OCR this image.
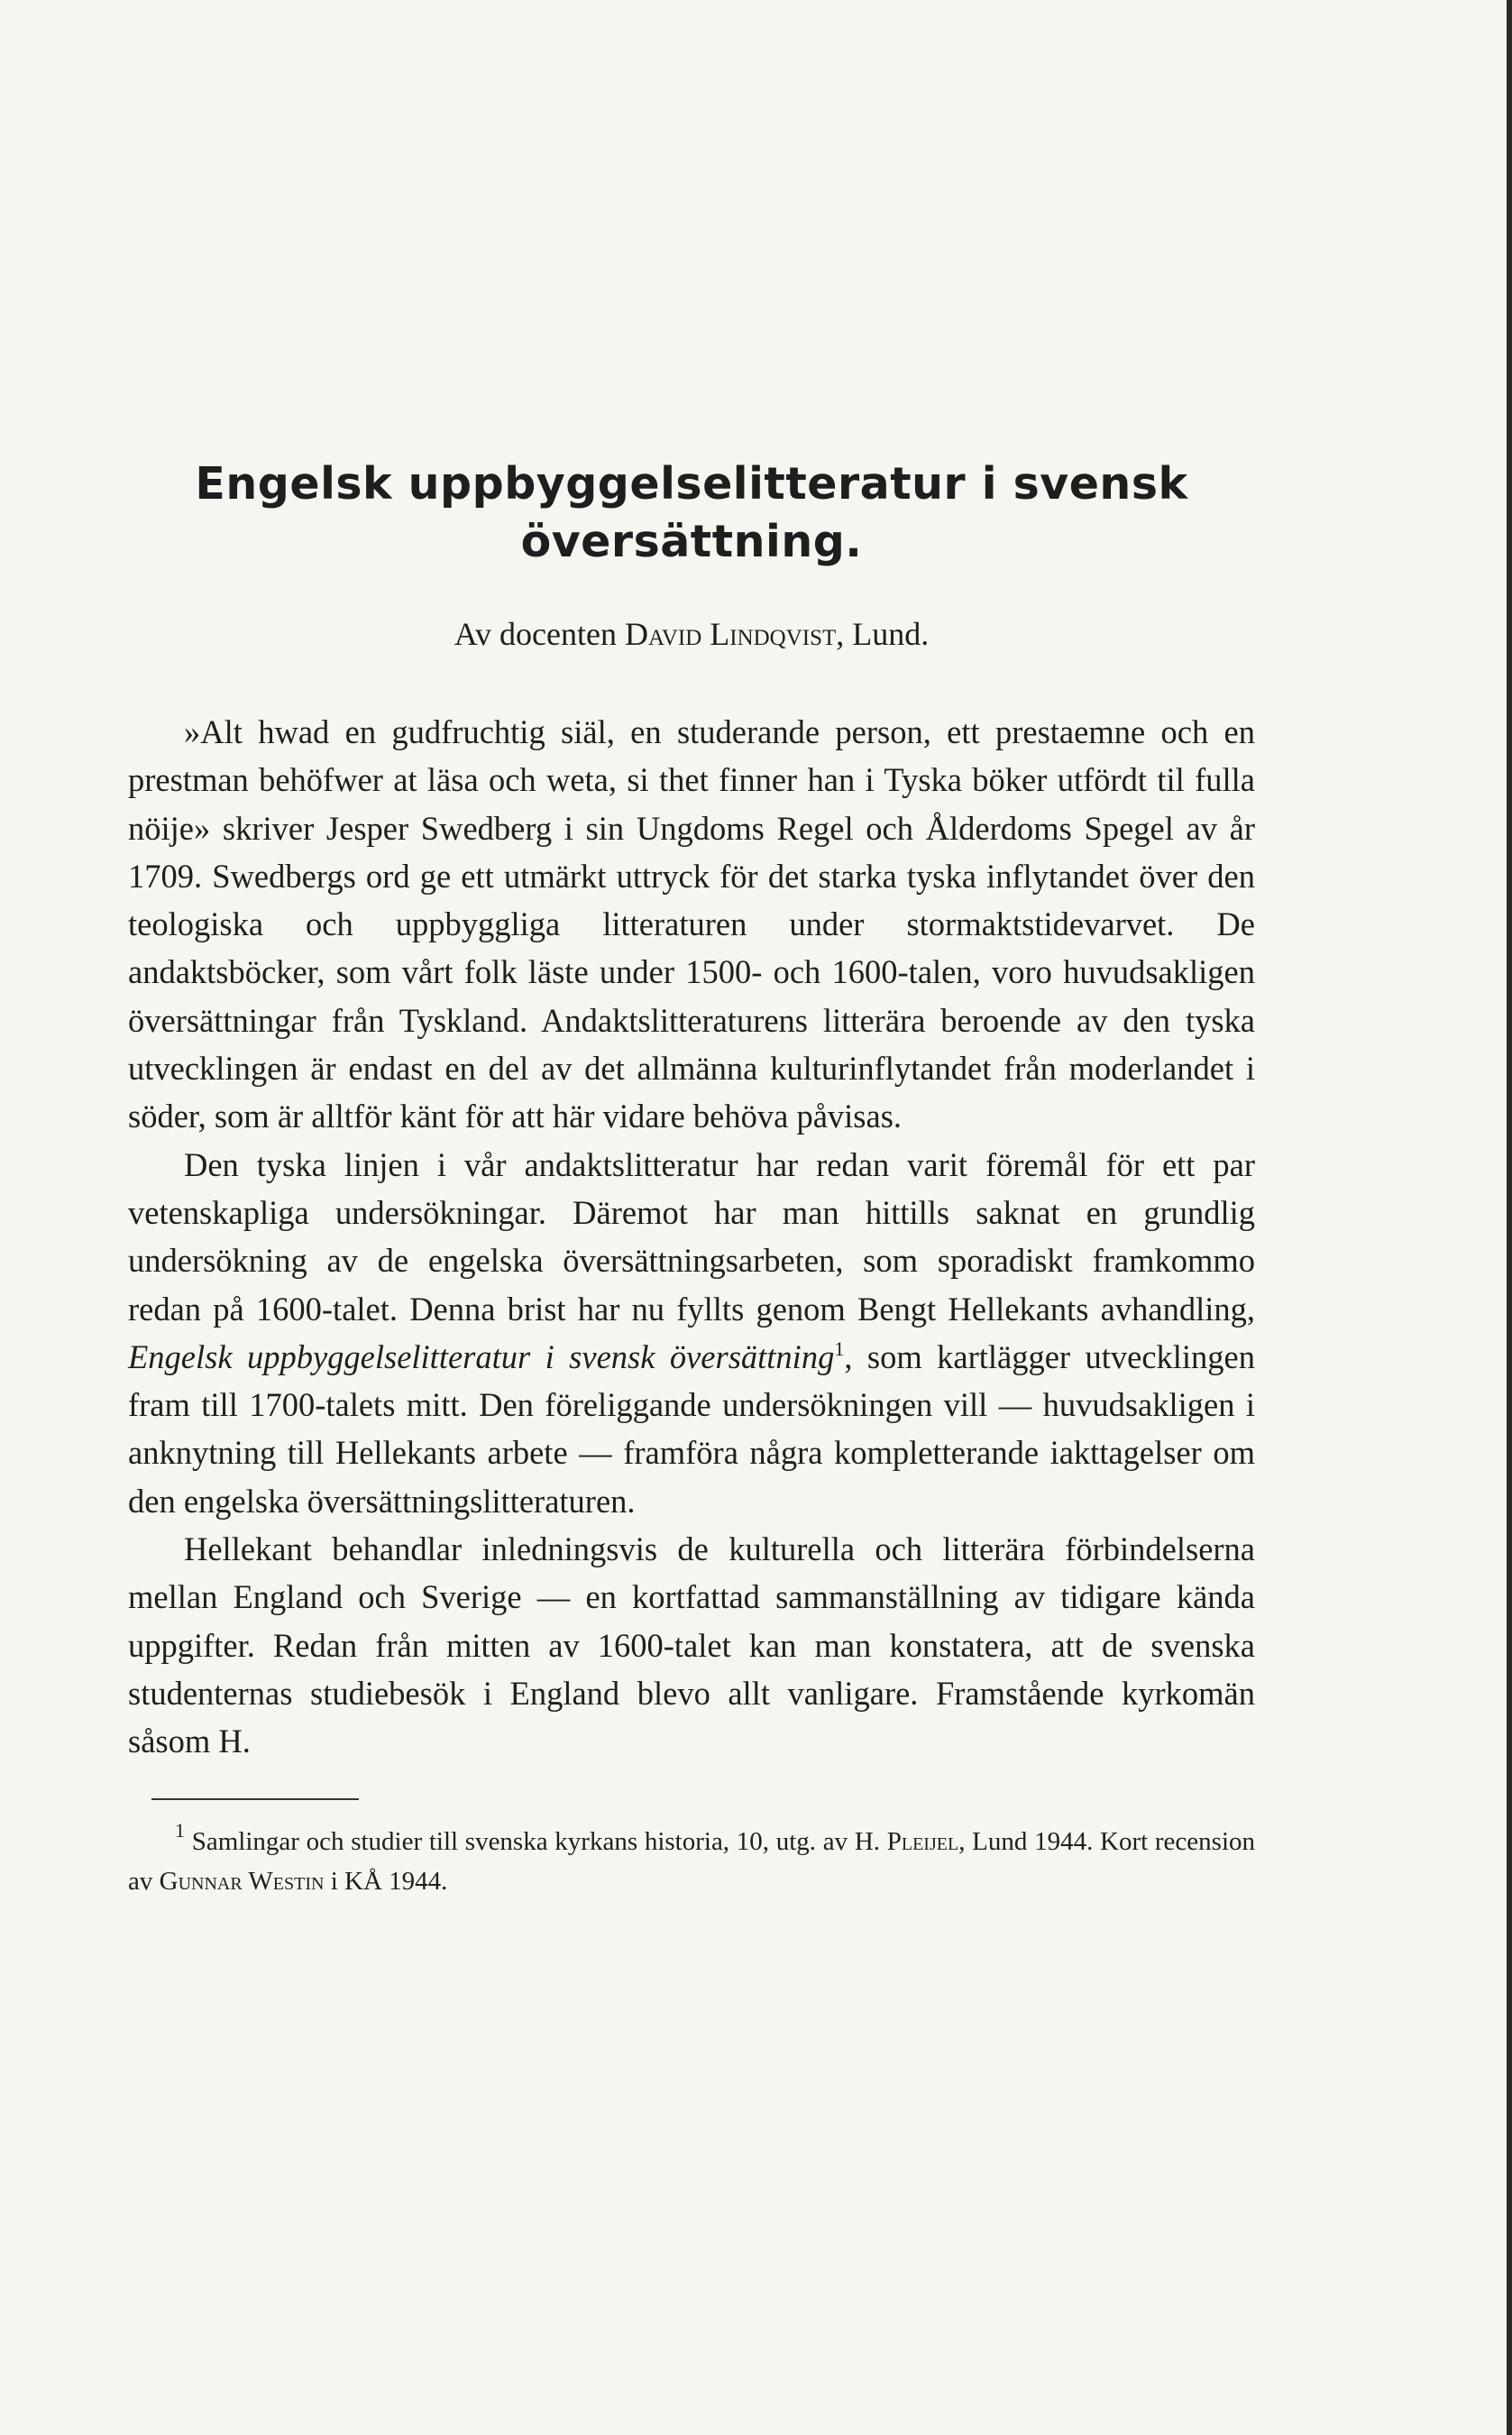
Engelsk uppbyggelselitteratur i svensk översättning.
Av docenten David Lindqvist, Lund.

»Alt hwad en gudfruchtig siäl, en studerande person, ett prestaemne och en prestman behöfwer at läsa och weta, si thet finner han i Tyska böker utfördt til fulla nöije» skriver Jesper Swedberg i sin Ungdoms Regel och Ålderdoms Spegel av år 1709. Swedbergs ord ge ett utmärkt uttryck för det starka tyska inflytandet över den teologiska och uppbyggliga litteraturen under stormaktstidevarvet. De andaktsböcker, som vårt folk läste under 1500- och 1600-talen, voro huvudsakligen översättningar från Tyskland. Andaktslitteraturens litterära beroende av den tyska utvecklingen är endast en del av det allmänna kulturinflytandet från moderlandet i söder, som är alltför känt för att här vidare behöva påvisas.

Den tyska linjen i vår andaktslitteratur har redan varit föremål för ett par vetenskapliga undersökningar. Däremot har man hittills saknat en grundlig undersökning av de engelska översättningsarbeten, som sporadiskt framkommo redan på 1600-talet. Denna brist har nu fyllts genom Bengt Hellekants avhandling, Engelsk uppbyggelselitteratur i svensk översättning$^1$, som kartlägger utvecklingen fram till 1700-talets mitt. Den föreliggande undersökningen vill — huvudsakligen i anknytning till Hellekants arbete — framföra några kompletterande iakttagelser om den engelska översättningslitteraturen.

Hellekant behandlar inledningsvis de kulturella och litterära förbindelserna mellan England och Sverige — en kortfattad sammanställning av tidigare kända uppgifter. Redan från mitten av 1600-talet kan man konstatera, att de svenska studenternas studiebesök i England blevo allt vanligare. Framstående kyrkomän såsom H.

$^1$ Samlingar och studier till svenska kyrkans historia, 10, utg. av H. Pleijel, Lund 1944. Kort recension av Gunnar Westin i KÅ 1944.
